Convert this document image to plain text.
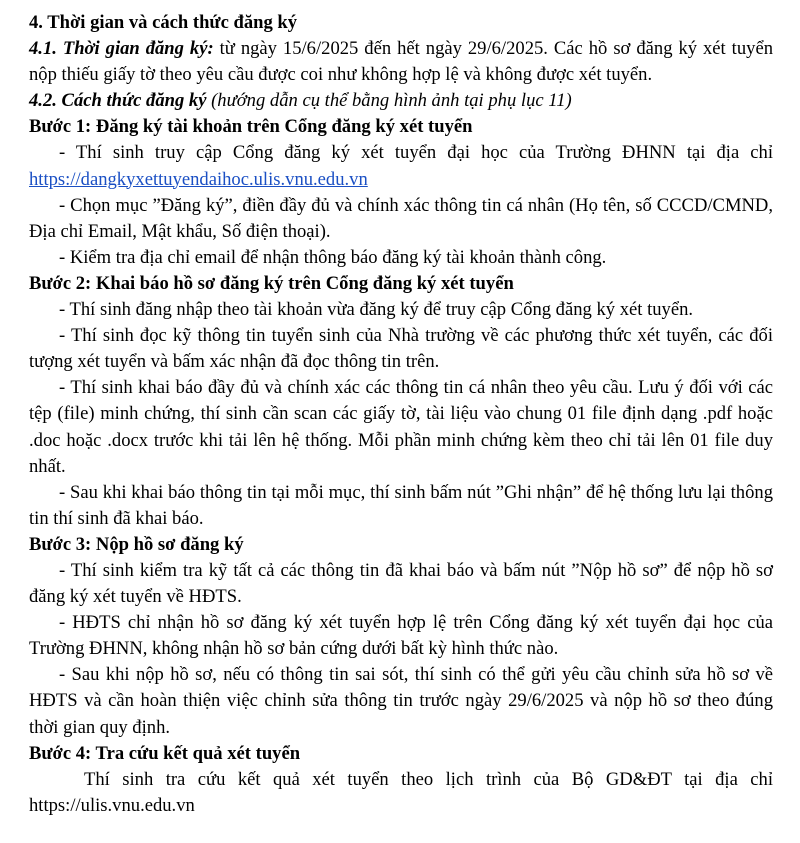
4. Thời gian và cách thức đăng ký

4.1. Thời gian đăng ký: từ ngày 15/6/2025 đến hết ngày 29/6/2025. Các hồ sơ đăng ký xét tuyển nộp thiếu giấy tờ theo yêu cầu được coi như không hợp lệ và không được xét tuyển.

4.2. Cách thức đăng ký (hướng dẫn cụ thể bằng hình ảnh tại phụ lục 11)

Bước 1: Đăng ký tài khoản trên Cổng đăng ký xét tuyển

- Thí sinh truy cập Cổng đăng ký xét tuyển đại học của Trường ĐHNN tại địa chỉ https://dangkyxettuyendaihoc.ulis.vnu.edu.vn

- Chọn mục ”Đăng ký”, điền đầy đủ và chính xác thông tin cá nhân (Họ tên, số CCCD/CMND, Địa chỉ Email, Mật khẩu, Số điện thoại).

- Kiểm tra địa chỉ email để nhận thông báo đăng ký tài khoản thành công.

Bước 2: Khai báo hồ sơ đăng ký trên Cổng đăng ký xét tuyển

- Thí sinh đăng nhập theo tài khoản vừa đăng ký để truy cập Cổng đăng ký xét tuyển.

- Thí sinh đọc kỹ thông tin tuyển sinh của Nhà trường về các phương thức xét tuyển, các đối tượng xét tuyển và bấm xác nhận đã đọc thông tin trên.

- Thí sinh khai báo đầy đủ và chính xác các thông tin cá nhân theo yêu cầu. Lưu ý đối với các tệp (file) minh chứng, thí sinh cần scan các giấy tờ, tài liệu vào chung 01 file định dạng .pdf hoặc .doc hoặc .docx trước khi tải lên hệ thống. Mỗi phần minh chứng kèm theo chỉ tải lên 01 file duy nhất.

- Sau khi khai báo thông tin tại mỗi mục, thí sinh bấm nút ”Ghi nhận” để hệ thống lưu lại thông tin thí sinh đã khai báo.

Bước 3: Nộp hồ sơ đăng ký

- Thí sinh kiểm tra kỹ tất cả các thông tin đã khai báo và bấm nút ”Nộp hồ sơ” để nộp hồ sơ đăng ký xét tuyển về HĐTS.

- HĐTS chỉ nhận hồ sơ đăng ký xét tuyển hợp lệ trên Cổng đăng ký xét tuyển đại học của Trường ĐHNN, không nhận hồ sơ bản cứng dưới bất kỳ hình thức nào.

- Sau khi nộp hồ sơ, nếu có thông tin sai sót, thí sinh có thể gửi yêu cầu chỉnh sửa hồ sơ về HĐTS và cần hoàn thiện việc chỉnh sửa thông tin trước ngày 29/6/2025 và nộp hồ sơ theo đúng thời gian quy định.

Bước 4: Tra cứu kết quả xét tuyển

Thí sinh tra cứu kết quả xét tuyển theo lịch trình của Bộ GD&ĐT tại địa chỉ https://ulis.vnu.edu.vn
